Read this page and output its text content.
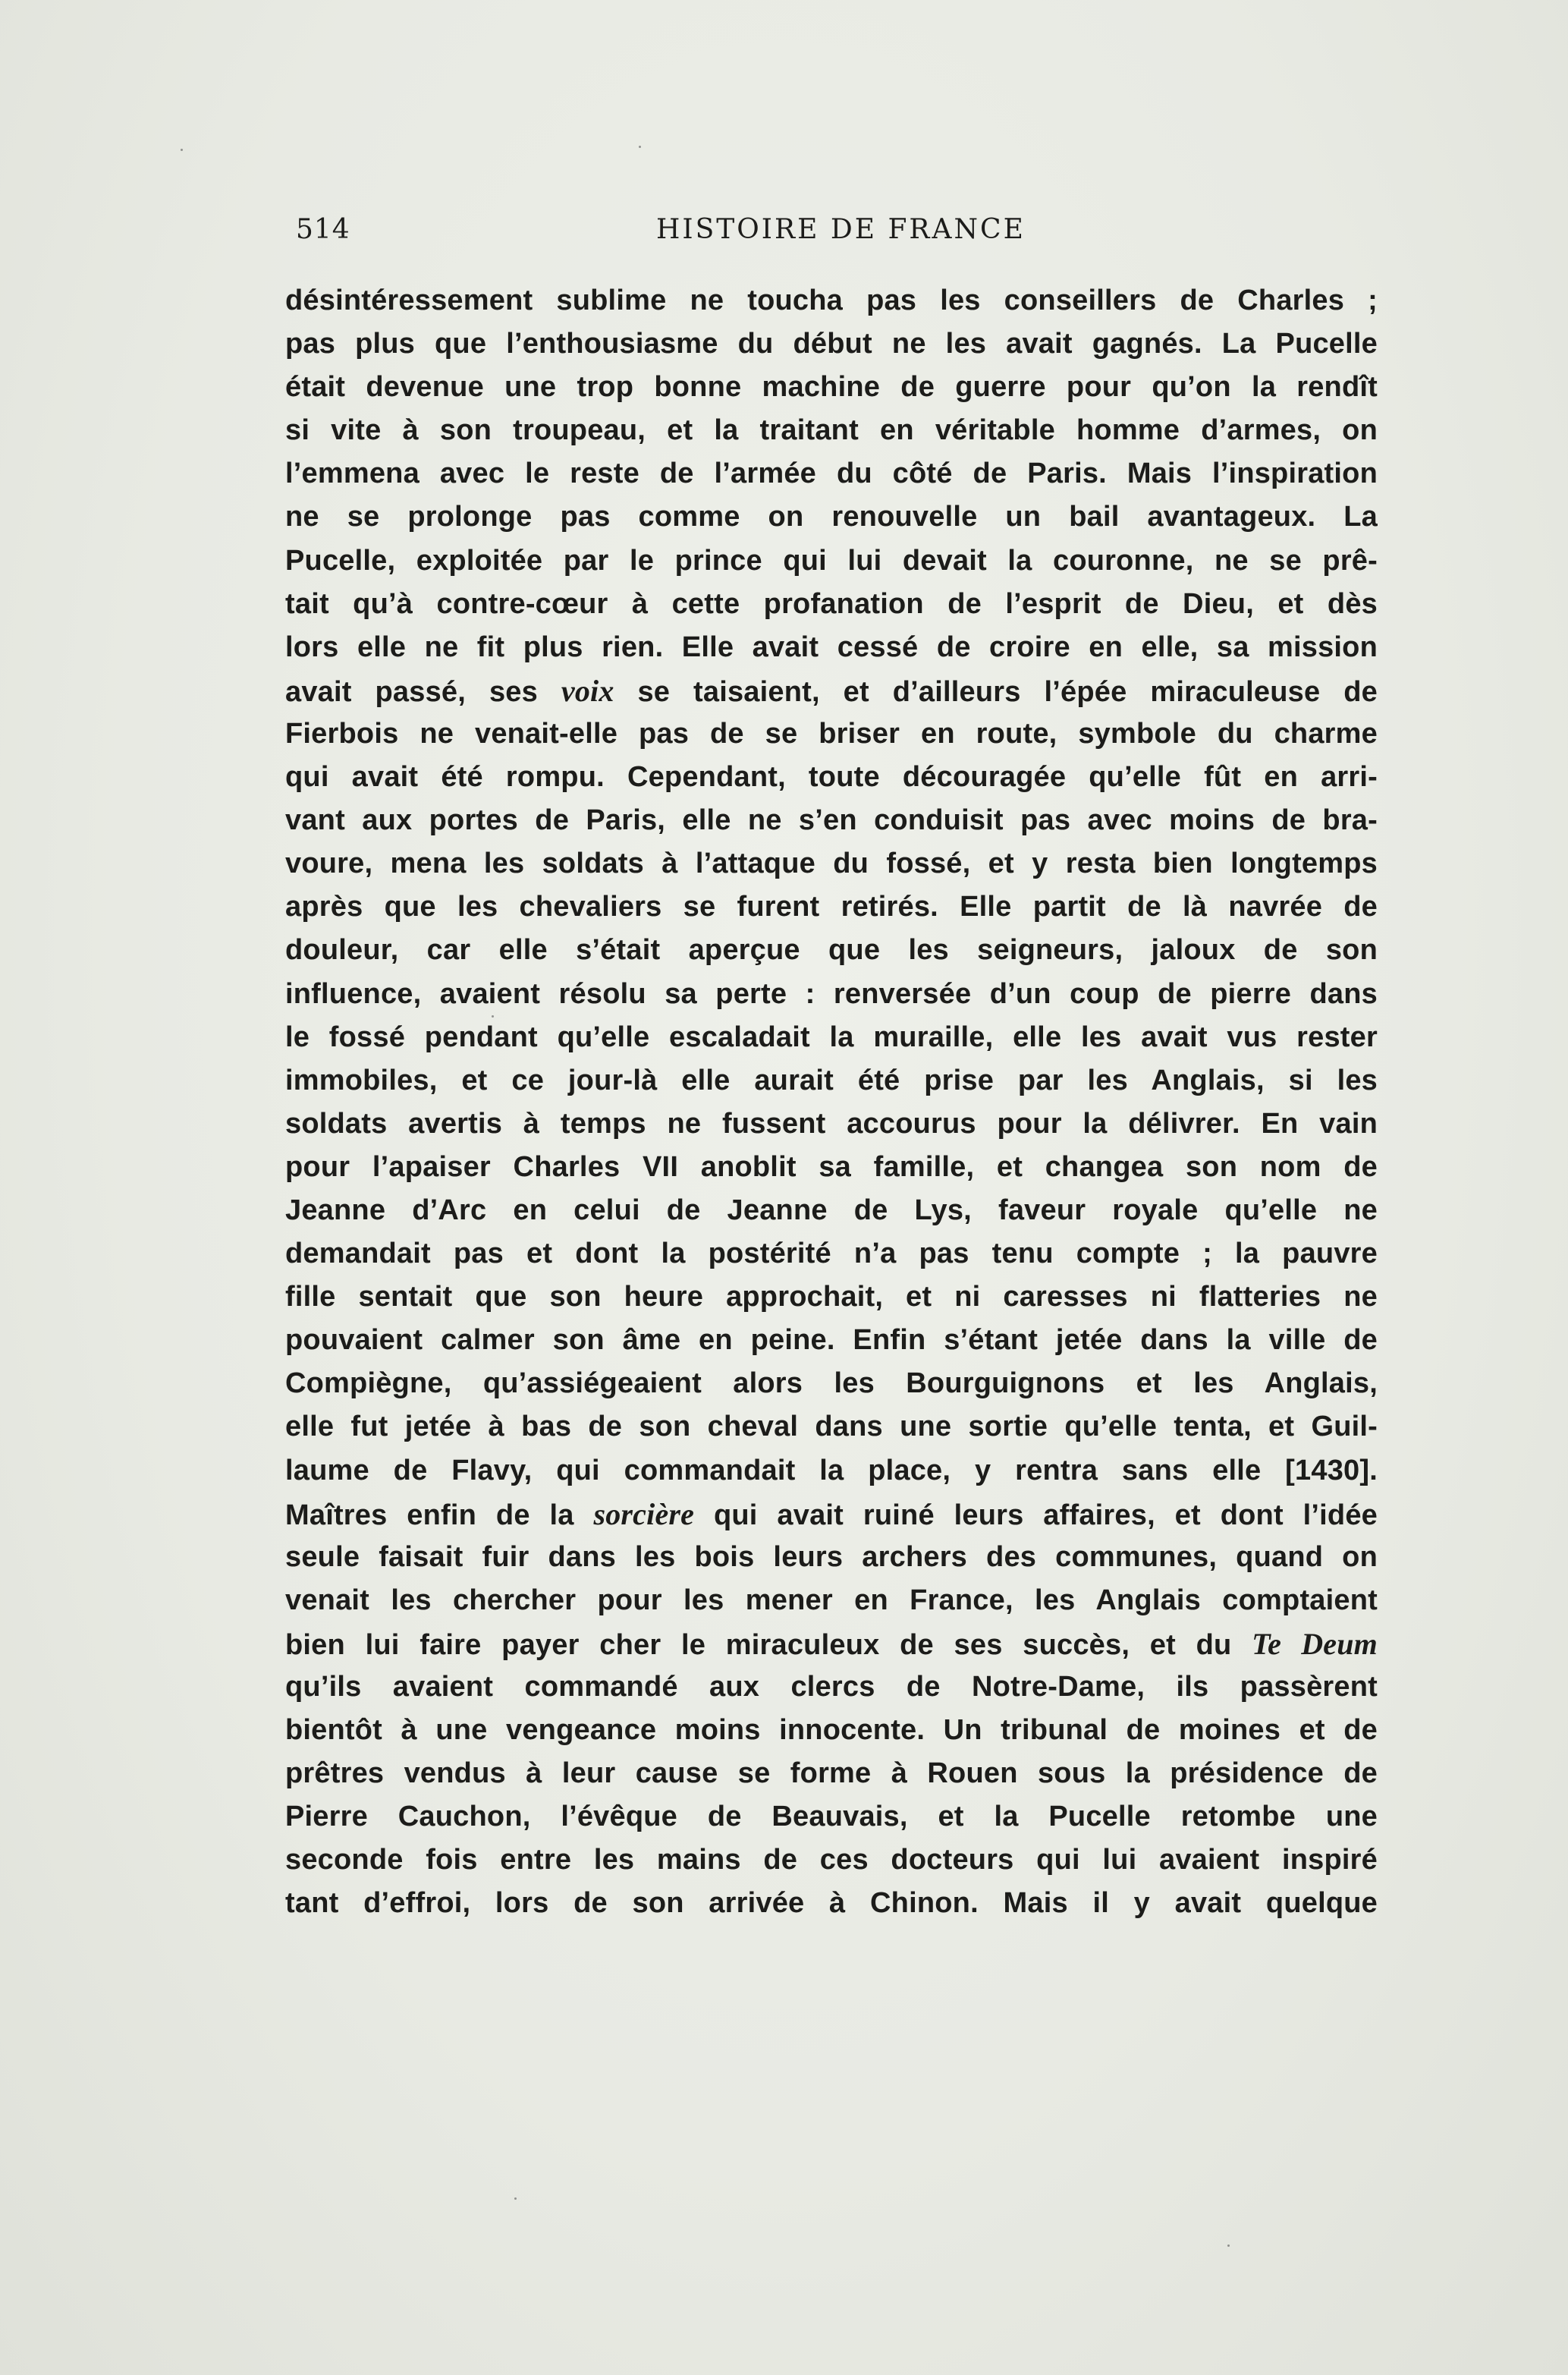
514	HISTOIRE DE FRANCE
désintéressement sublime ne toucha pas les conseillers de Charles ;
pas plus que l’enthousiasme du début ne les avait gagnés. La Pucelle
était devenue une trop bonne machine de guerre pour qu’on la rendît
si vite à son troupeau, et la traitant en véritable homme d’armes, on
l’emmena avec le reste de l’armée du côté de Paris. Mais l’inspiration
ne se prolonge pas comme on renouvelle un bail avantageux. La
Pucelle, exploitée par le prince qui lui devait la couronne, ne se prê-
tait qu’à contre-cœur à cette profanation de l’esprit de Dieu, et dès
lors elle ne fit plus rien. Elle avait cessé de croire en elle, sa mission
avait passé, ses voix se taisaient, et d’ailleurs l’épée miraculeuse de
Fierbois ne venait-elle pas de se briser en route, symbole du charme
qui avait été rompu. Cependant, toute découragée qu’elle fût en arri-
vant aux portes de Paris, elle ne s’en conduisit pas avec moins de bra-
voure, mena les soldats à l’attaque du fossé, et y resta bien longtemps
après que les chevaliers se furent retirés. Elle partit de là navrée de
douleur, car elle s’était aperçue que les seigneurs, jaloux de son
influence, avaient résolu sa perte : renversée d’un coup de pierre dans
le fossé pendant qu’elle escaladait la muraille, elle les avait vus rester
immobiles, et ce jour-là elle aurait été prise par les Anglais, si les
soldats avertis à temps ne fussent accourus pour la délivrer. En vain
pour l’apaiser Charles VII anoblit sa famille, et changea son nom de
Jeanne d’Arc en celui de Jeanne de Lys, faveur royale qu’elle ne
demandait pas et dont la postérité n’a pas tenu compte ; la pauvre
fille sentait que son heure approchait, et ni caresses ni flatteries ne
pouvaient calmer son âme en peine. Enfin s’étant jetée dans la ville de
Compiègne, qu’assiégeaient alors les Bourguignons et les Anglais,
elle fut jetée à bas de son cheval dans une sortie qu’elle tenta, et Guil-
laume de Flavy, qui commandait la place, y rentra sans elle [1430].
Maîtres enfin de la sorcière qui avait ruiné leurs affaires, et dont l’idée
seule faisait fuir dans les bois leurs archers des communes, quand on
venait les chercher pour les mener en France, les Anglais comptaient
bien lui faire payer cher le miraculeux de ses succès, et du Te Deum
qu’ils avaient commandé aux clercs de Notre-Dame, ils passèrent
bientôt à une vengeance moins innocente. Un tribunal de moines et de
prêtres vendus à leur cause se forme à Rouen sous la présidence de
Pierre Cauchon, l’évêque de Beauvais, et la Pucelle retombe une
seconde fois entre les mains de ces docteurs qui lui avaient inspiré
tant d’effroi, lors de son arrivée à Chinon. Mais il y avait quelque
